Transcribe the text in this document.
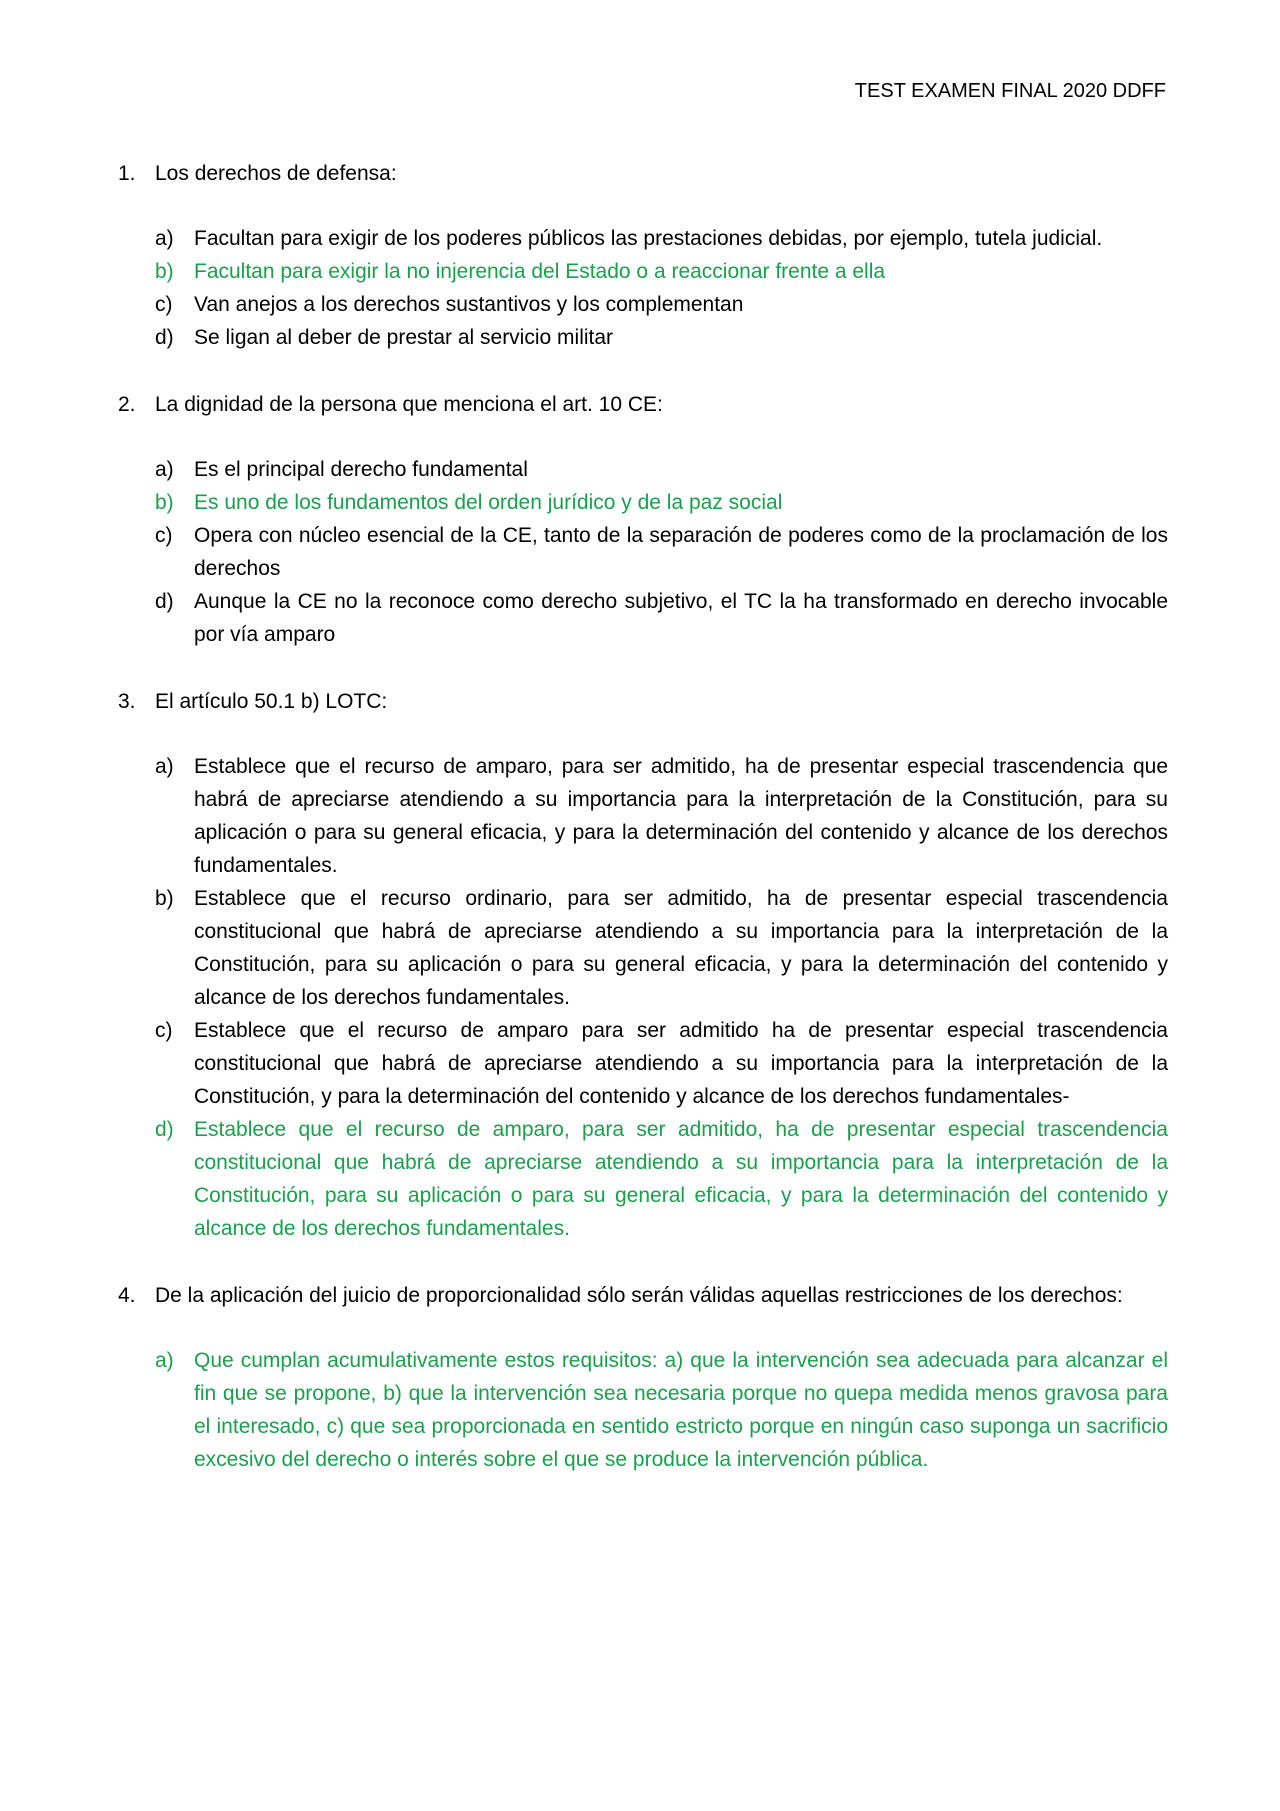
TEST EXAMEN FINAL 2020 DDFF
1. Los derechos de defensa:
a) Facultan para exigir de los poderes públicos las prestaciones debidas, por ejemplo, tutela judicial.
b) Facultan para exigir la no injerencia del Estado o a reaccionar frente a ella
c)	Van anejos a los derechos sustantivos y los complementan
d) Se ligan al deber de prestar al servicio militar
2. La dignidad de la persona que menciona el art. 10 CE:
a) Es el principal derecho fundamental
b) Es uno de los fundamentos del orden jurídico y de la paz social
c)	Opera con núcleo esencial de la CE, tanto de la separación de poderes como de la proclamación de los derechos
d) Aunque la CE no la reconoce como derecho subjetivo, el TC la ha transformado en derecho invocable por vía amparo
3. El artículo 50.1 b) LOTC:
a) Establece que el recurso de amparo, para ser admitido, ha de presentar especial trascendencia que habrá de apreciarse atendiendo a su importancia para la interpretación de la Constitución, para su aplicación o para su general eficacia, y para la determinación del contenido y alcance de los derechos fundamentales.
b) Establece que el recurso ordinario, para ser admitido, ha de presentar especial trascendencia constitucional que habrá de apreciarse atendiendo a su importancia para la interpretación de la Constitución, para su aplicación o para su general eficacia, y para la determinación del contenido y alcance de los derechos fundamentales.
c)	Establece que el recurso de amparo para ser admitido ha de presentar especial trascendencia constitucional que habrá de apreciarse atendiendo a su importancia para la interpretación de la Constitución, y para la determinación del contenido y alcance de los derechos fundamentales-
d) Establece que el recurso de amparo, para ser admitido, ha de presentar especial trascendencia constitucional que habrá de apreciarse atendiendo a su importancia para la interpretación de la Constitución, para su aplicación o para su general eficacia, y para la determinación del contenido y alcance de los derechos fundamentales.
4. De la aplicación del juicio de proporcionalidad sólo serán válidas aquellas restricciones de los derechos:
a) Que cumplan acumulativamente estos requisitos: a) que la intervención sea adecuada para alcanzar el fin que se propone, b) que la intervención sea necesaria porque no quepa medida menos gravosa para el interesado, c) que sea proporcionada en sentido estricto porque en ningún caso suponga un sacrificio excesivo del derecho o interés sobre el que se produce la intervención pública.
